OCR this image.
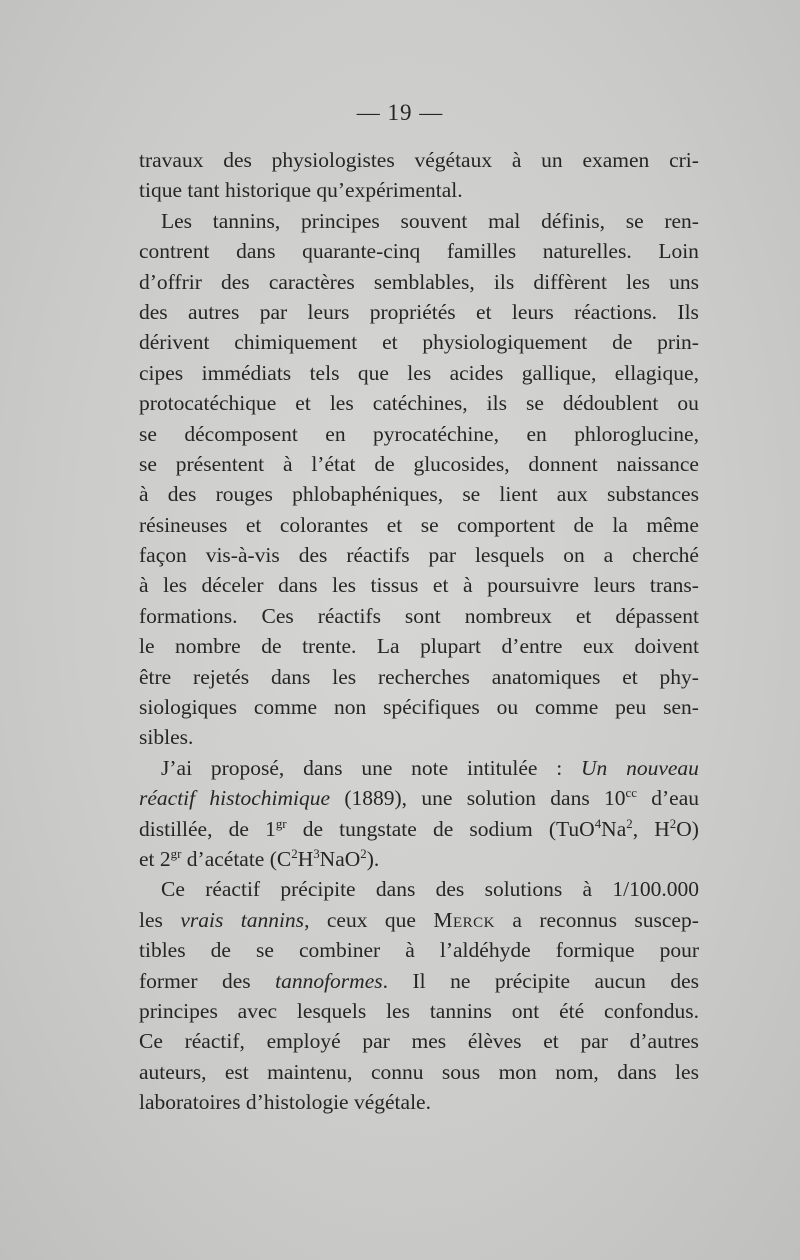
— 19 —
travaux des physiologistes végétaux à un examen cri-
tique
tant
historique
qu’expérimental.
Les tannins, principes souvent mal définis, se ren-
contrent dans quarante-cinq familles naturelles. Loin
d’offrir des caractères semblables, ils diffèrent les uns
des autres par leurs propriétés et leurs réactions. Ils
dérivent chimiquement et physiologiquement de prin-
cipes immédiats tels que les acides gallique, ellagique,
protocatéchique et les catéchines, ils se dédoublent ou
se décomposent en pyrocatéchine, en phloroglucine,
se présentent à l’état de glucosides, donnent naissance
à des rouges phlobaphéniques, se lient aux substances
résineuses et colorantes et se comportent de la même
façon vis-à-vis des réactifs par lesquels on a cherché
à les déceler dans les tissus et à poursuivre leurs trans-
formations. Ces réactifs sont nombreux et dépassent
le nombre de trente. La plupart d’entre eux doivent
être rejetés dans les recherches anatomiques et phy-
siologiques comme non spécifiques ou comme peu sen-
sibles.
J’ai proposé, dans une note intitulée : Un nouveau
réactif histochimique (1889), une solution dans $10^{cc}$ d’eau
distillée, de $1^{gr}$ de tungstate de sodium (TuO$^4$Na$^2$, $H^2O$)
et
$2^{gr}$
d’acétate
$(C^2H^3NaO^2)$.
Ce réactif précipite dans des solutions à 1/100.000
les vrais tannins, ceux que Merck a reconnus suscep-
tibles de se combiner à l’aldéhyde formique pour
former des tannoformes. Il ne précipite aucun des
principes avec lesquels les tannins ont été confondus.
Ce réactif, employé par mes élèves et par d’autres
auteurs, est maintenu, connu sous mon nom, dans les
laboratoires
d’histologie
végétale.
